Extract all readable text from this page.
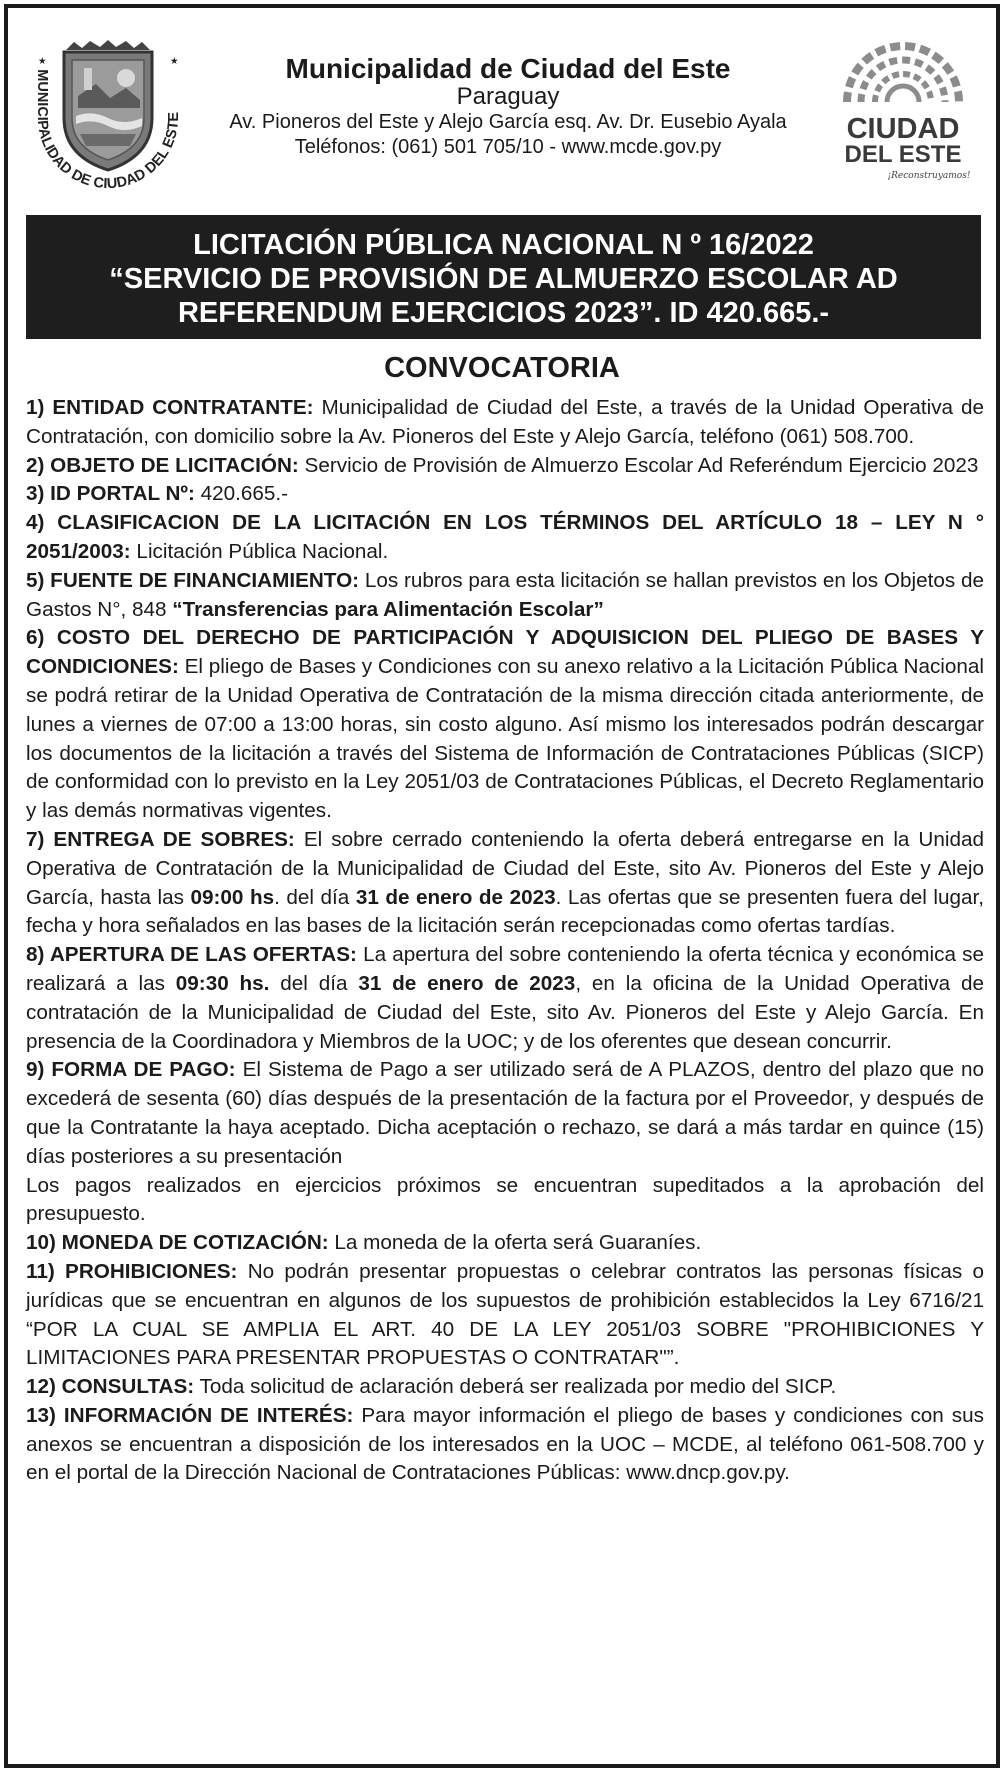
★	★
MUNICIPALIDAD DE CIUDAD DEL ESTE
Municipalidad de Ciudad del Este
Paraguay
Av. Pioneros del Este y Alejo García esq. Av. Dr. Eusebio Ayala
Teléfonos: (061) 501 705/10 - www.mcde.gov.py
CIUDAD
DEL ESTE
¡Reconstruyamos!
LICITACIÓN PÚBLICA NACIONAL N º 16/2022
“SERVICIO DE PROVISIÓN DE ALMUERZO ESCOLAR AD
REFERENDUM EJERCICIOS 2023”. ID 420.665.-
CONVOCATORIA

1) ENTIDAD CONTRATANTE: Municipalidad de Ciudad del Este, a través de la Unidad Operativa de Contratación, con domicilio sobre la Av. Pioneros del Este y Alejo García, teléfono (061) 508.700.

2) OBJETO DE LICITACIÓN: Servicio de Provisión de Almuerzo Escolar Ad Referéndum Ejercicio 2023

3) ID PORTAL Nº: 420.665.-

4) CLASIFICACION DE LA LICITACIÓN EN LOS TÉRMINOS DEL ARTÍCULO 18 – LEY N ° 2051/2003: Licitación Pública Nacional.

5) FUENTE DE FINANCIAMIENTO: Los rubros para esta licitación se hallan previstos en los Objetos de Gastos N°, 848 “Transferencias para Alimentación Escolar”

6) COSTO DEL DERECHO DE PARTICIPACIÓN Y ADQUISICION DEL PLIEGO DE BASES Y CONDICIONES: El pliego de Bases y Condiciones con su anexo relativo a la Licitación Pública Nacional se podrá retirar de la Unidad Operativa de Contratación de la misma dirección citada anteriormente, de lunes a viernes de 07:00 a 13:00 horas, sin costo alguno. Así mismo los interesados podrán descargar los documentos de la licitación a través del Sistema de Información de Contrataciones Públicas (SICP) de conformidad con lo previsto en la Ley 2051/03 de Contrataciones Públicas, el Decreto Reglamentario y las demás normativas vigentes.

7) ENTREGA DE SOBRES: El sobre cerrado conteniendo la oferta deberá entregarse en la Unidad Operativa de Contratación de la Municipalidad de Ciudad del Este, sito Av. Pioneros del Este y Alejo García, hasta las 09:00 hs. del día 31 de enero de 2023. Las ofertas que se presenten fuera del lugar, fecha y hora señalados en las bases de la licitación serán recepcionadas como ofertas tardías.

8) APERTURA DE LAS OFERTAS: La apertura del sobre conteniendo la oferta técnica y económica se realizará a las 09:30 hs. del día 31 de enero de 2023, en la oficina de la Unidad Operativa de contratación de la Municipalidad de Ciudad del Este, sito Av. Pioneros del Este y Alejo García. En presencia de la Coordinadora y Miembros de la UOC; y de los oferentes que desean concurrir.

9) FORMA DE PAGO: El Sistema de Pago a ser utilizado será de A PLAZOS, dentro del plazo que no excederá de sesenta (60) días después de la presentación de la factura por el Proveedor, y después de que la Contratante la haya aceptado. Dicha aceptación o rechazo, se dará a más tardar en quince (15) días posteriores a su presentación

Los pagos realizados en ejercicios próximos se encuentran supeditados a la aprobación del presupuesto.

10) MONEDA DE COTIZACIÓN: La moneda de la oferta será Guaraníes.

11) PROHIBICIONES: No podrán presentar propuestas o celebrar contratos las personas físicas o jurídicas que se encuentran en algunos de los supuestos de prohibición establecidos la Ley 6716/21 “POR LA CUAL SE AMPLIA EL ART. 40 DE LA LEY 2051/03 SOBRE "PROHIBICIONES Y LIMITACIONES PARA PRESENTAR PROPUESTAS O CONTRATAR"”.

12) CONSULTAS: Toda solicitud de aclaración deberá ser realizada por medio del SICP.

13) INFORMACIÓN DE INTERÉS: Para mayor información el pliego de bases y condiciones con sus anexos se encuentran a disposición de los interesados en la UOC – MCDE, al teléfono 061-508.700 y en el portal de la Dirección Nacional de Contrataciones Públicas: www.dncp.gov.py.
